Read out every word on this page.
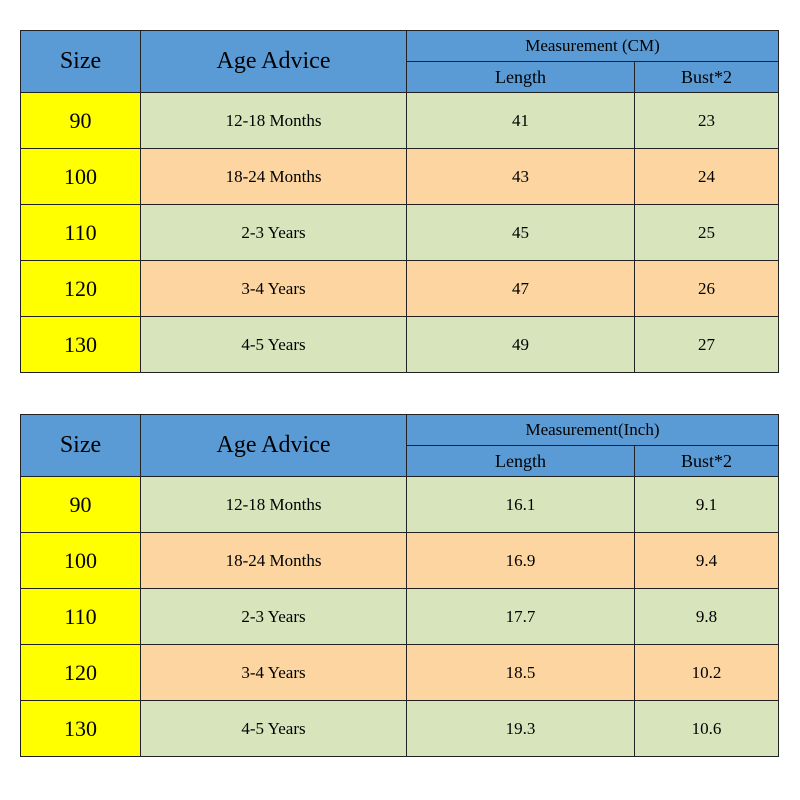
Size	Age Advice	Measurement (CM)	
		Length	Bust*2
90	12-18 Months	41	23
100	18-24 Months	43	24
110	2-3 Years	45	25
120	3-4 Years	47	26
130	4-5 Years	49	27
Size	Age Advice	Measurement(Inch)	
		Length	Bust*2
90	12-18 Months	16.1	9.1
100	18-24 Months	16.9	9.4
110	2-3 Years	17.7	9.8
120	3-4 Years	18.5	10.2
130	4-5 Years	19.3	10.6
